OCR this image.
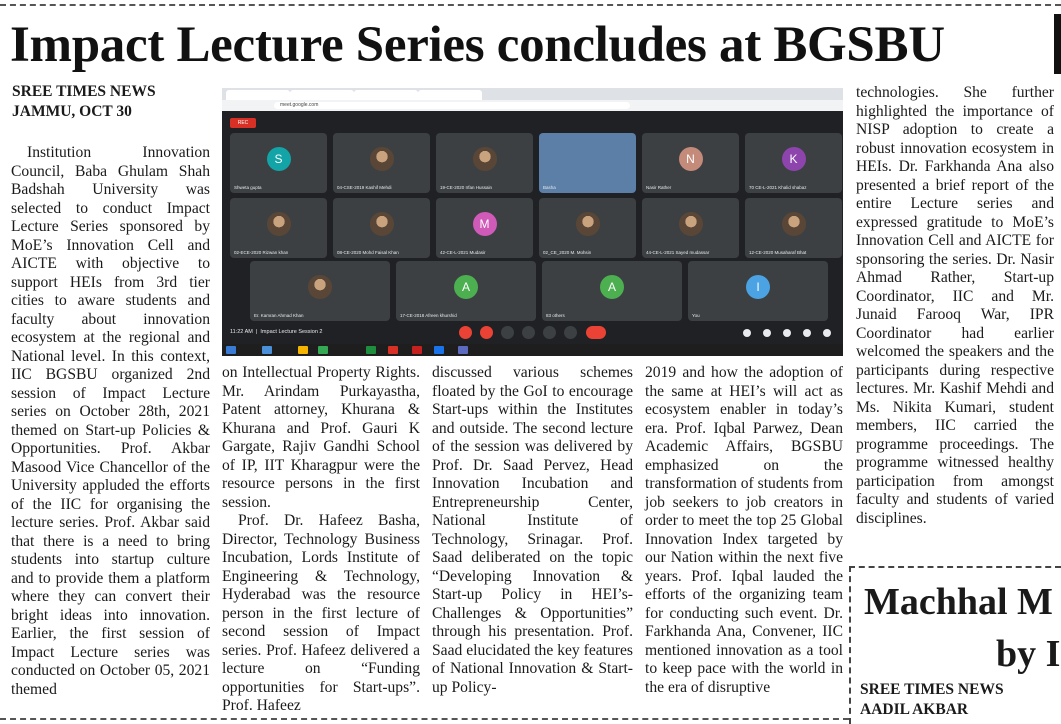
Impact Lecture Series concludes at BGSBU
SREE TIMES NEWS
JAMMU, OCT 30

Institution Innovation Council, Baba Ghulam Shah Badshah University was selected to conduct Impact Lecture Series sponsored by MoE’s Innovation Cell and AICTE with objective to support HEIs from 3rd tier cities to aware students and faculty about innovation ecosystem at the regional and National level. In this context, IIC BGSBU organized 2nd session of Impact Lecture series on October 28th, 2021 themed on Start-up Policies & Opportunities. Prof. Akbar Masood Vice Chancellor of the University appluded the efforts of the IIC for organising the lecture series. Prof. Akbar said that there is a need to bring students into startup culture and to provide them a platform where they can convert their bright ideas into innovation. Earlier, the first session of Impact Lecture series was conducted on October 05, 2021 themed

on Intellectual Property Rights. Mr. Arindam Purkayastha, Patent attorney, Khurana & Khurana and Prof. Gauri K Gargate, Rajiv Gandhi School of IP, IIT Kharagpur were the resource persons in the first session.

Prof. Dr. Hafeez Basha, Director, Technology Business Incubation, Lords Institute of Engineering & Technology, Hyderabad was the resource person in the first lecture of second session of Impact series. Prof. Hafeez delivered a lecture on “Funding opportunities for Start-ups”. Prof. Hafeez

discussed various schemes floated by the GoI to encourage Start-ups within the Institutes and outside. The second lecture of the session was delivered by Prof. Dr. Saad Pervez, Head Innovation Incubation and Entrepreneurship Center, National Institute of Technology, Srinagar. Prof. Saad deliberated on the topic “Developing Innovation & Start-up Policy in HEI’s-Challenges & Opportunities” through his presentation. Prof. Saad elucidated the key features of National Innovation & Start-up Policy-

2019 and how the adoption of the same at HEI’s will act as ecosystem enabler in today’s era. Prof. Iqbal Parwez, Dean Academic Affairs, BGSBU emphasized on the transformation of students from job seekers to job creators in order to meet the top 25 Global Innovation Index targeted by our Nation within the next five years. Prof. Iqbal lauded the efforts of the organizing team for conducting such event. Dr. Farkhanda Ana, Convener, IIC mentioned innovation as a tool to keep pace with the world in the era of disruptive

technologies. She further highlighted the importance of NISP adoption to create a robust innovation ecosystem in HEIs. Dr. Farkhanda Ana also presented a brief report of the entire Lecture series and expressed gratitude to MoE’s Innovation Cell and AICTE for sponsoring the series. Dr. Nasir Ahmad Rather, Start-up Coordinator, IIC and Mr. Junaid Farooq War, IPR Coordinator had earlier welcomed the speakers and the participants during respective lectures. Mr. Kashif Mehdi and Ms. Nikita Kumari, student members, IIC carried the programme proceedings. The programme witnessed healthy participation from amongst faculty and students of varied disciplines.

meet.google.com
REC
S
Shweta gupta	04-CSE-2019 Kashif Mehdi	19-CE-2020 Irfan Hussain	Basha
N
Nasir Rather
K
70 CE-L-2021 Khalid shabaz
02-ECE-2020 Rizwan khan	08-CE-2020 Mohd Faisal Khan
M
42-CE-L-2021 Mudasir	02_CE_2020 M. Mohsin	44-CE-L-2021 Sayed mudassar	12-CE-2020 Musaharaf Bhat
Er. Kamran Ahmad Khan
A
17-CE-2018 Afreen khurshid
A
83 others
I
You
11:22 AM  |  Impact Lecture Session 2
Machhal M
by I
SREE TIMES NEWS
AADIL AKBAR
